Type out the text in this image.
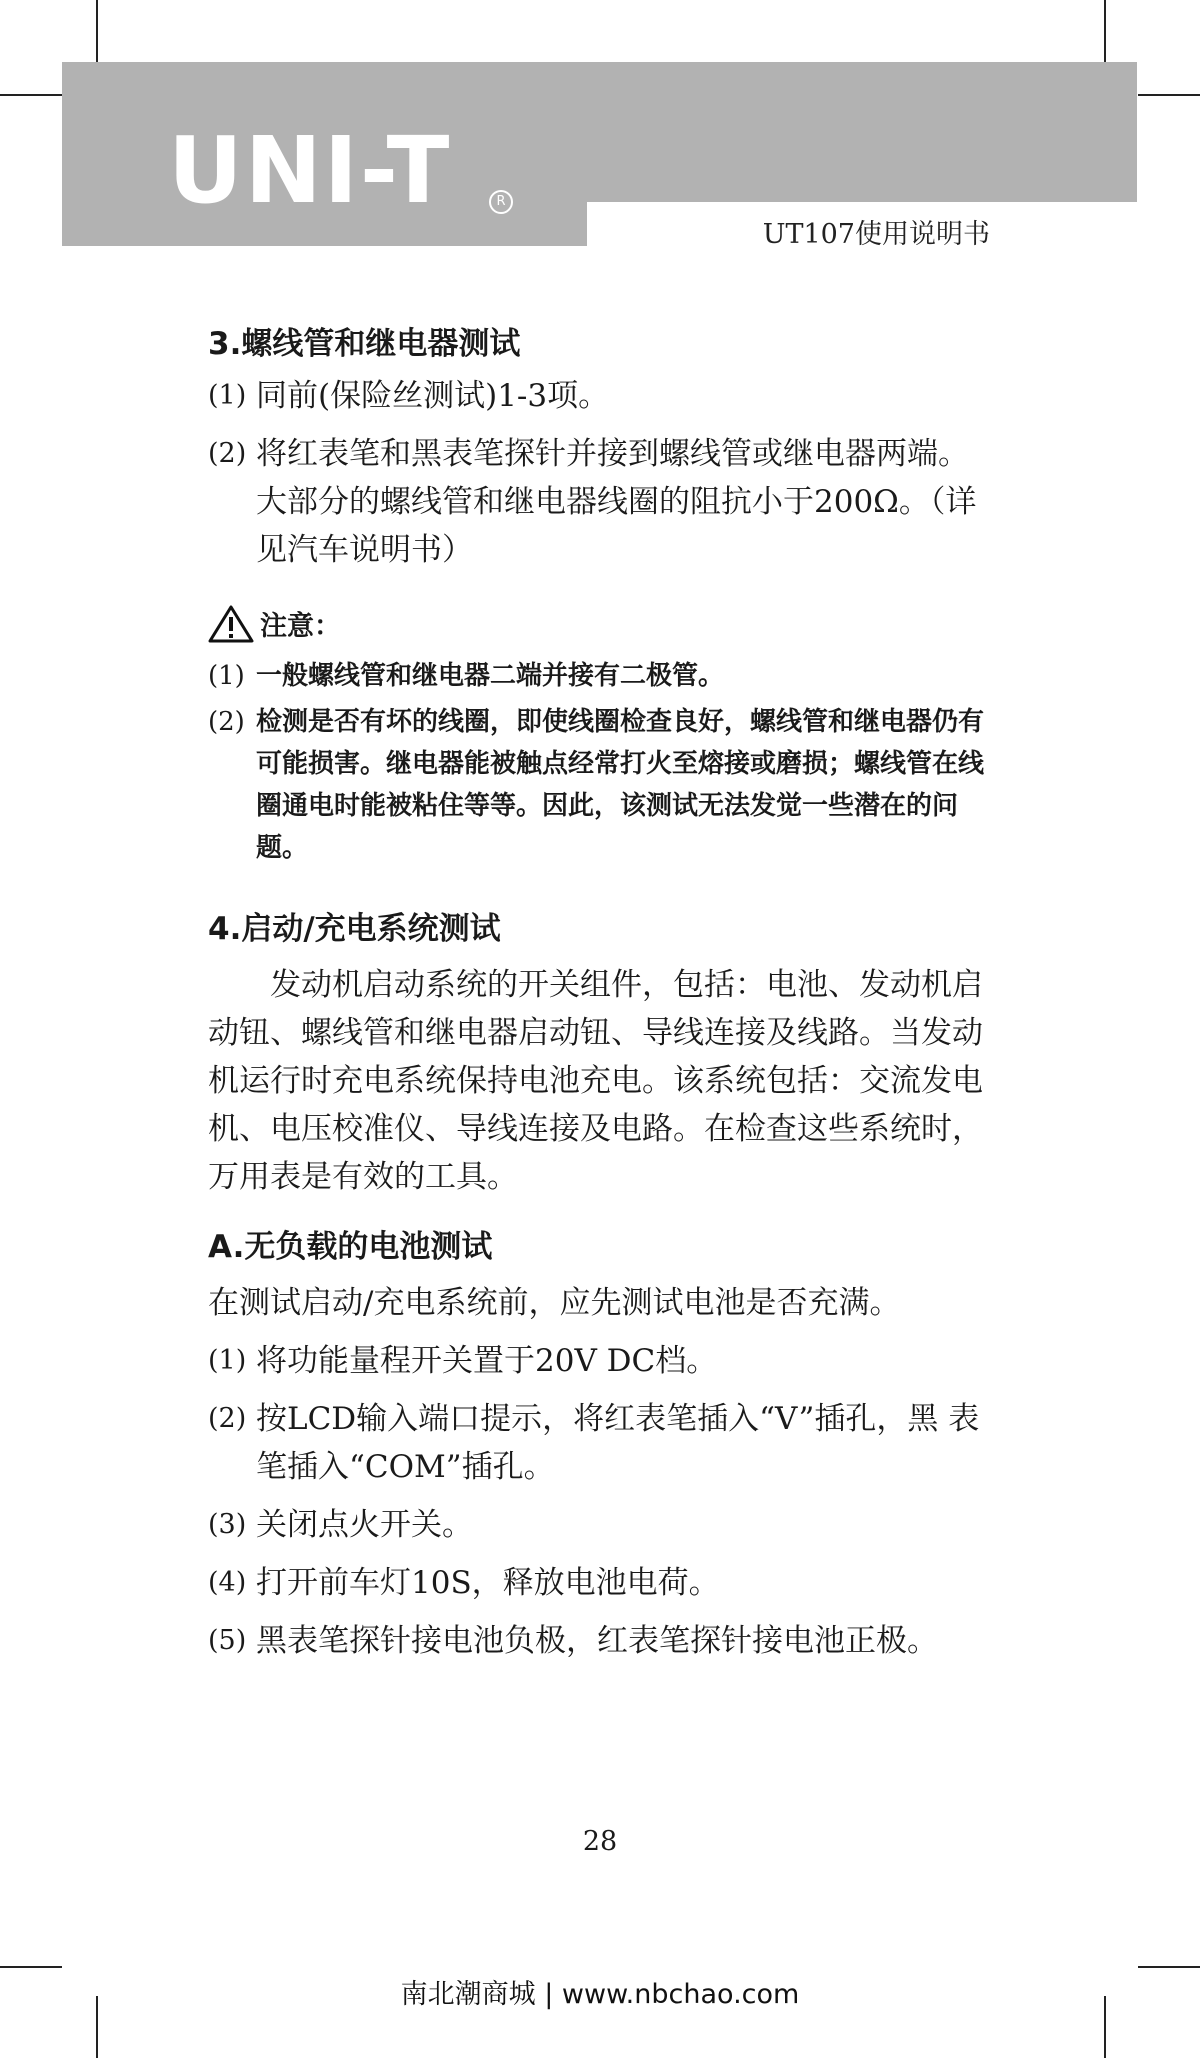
UNI-T	R
UT107使用说明书
3.螺线管和继电器测试
(1) 同前(保险丝测试)1-3项。
(2) 将红表笔和黑表笔探针并接到螺线管或继电器两端。大部分的螺线管和继电器线圈的阻抗小于200Ω。（详见汽车说明书）
注意：
(1) 一般螺线管和继电器二端并接有二极管。
(2) 检测是否有坏的线圈，即使线圈检查良好，螺线管和继电器仍有可能损害。继电器能被触点经常打火至熔接或磨损；螺线管在线圈通电时能被粘住等等。因此，该测试无法发觉一些潜在的问题。
4.启动/充电系统测试

发动机启动系统的开关组件，包括：电池、发动机启动钮、螺线管和继电器启动钮、导线连接及线路。当发动机运行时充电系统保持电池充电。该系统包括：交流发电机、电压校准仪、导线连接及电路。在检查这些系统时，万用表是有效的工具。

A.无负载的电池测试

在测试启动/充电系统前，应先测试电池是否充满。

(1) 将功能量程开关置于20V DC档。
(2) 按LCD输入端口提示，将红表笔插入“V”插孔，黑 表笔插入“COM”插孔。
(3) 关闭点火开关。
(4) 打开前车灯10S，释放电池电荷。
(5) 黑表笔探针接电池负极，红表笔探针接电池正极。
28
南北潮商城 | www.nbchao.com
